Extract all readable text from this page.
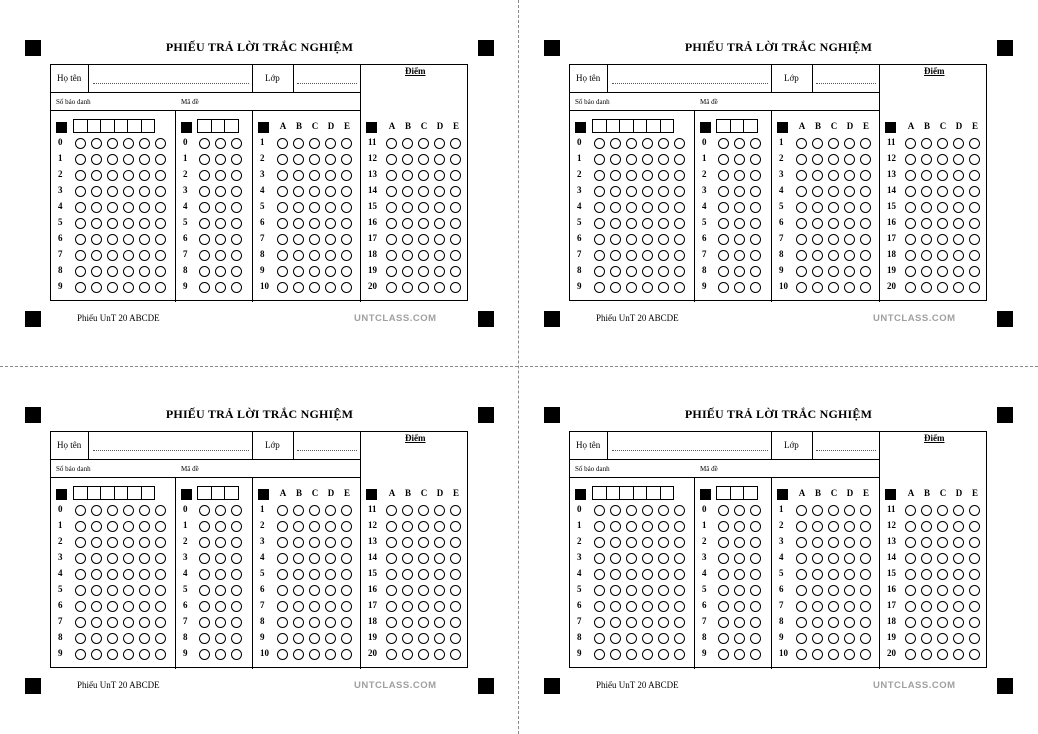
PHIẾU TRẢ LỜI TRẮC NGHIỆM
Họ tên	Lớp
Điểm
Số báo danh	Mã đề
A	B	C	D	E	A	B	C	D	E
0	0	1	11
1	1	2	12
2	2	3	13
3	3	4	14
4	4	5	15
5	5	6	16
6	6	7	17
7	7	8	18
8	8	9	19
9	9	10	20
Phiếu UnT 20 ABCDE	UNTCLASS.COM
PHIẾU TRẢ LỜI TRẮC NGHIỆM
Họ tên	Lớp
Điểm
Số báo danh	Mã đề
A	B	C	D	E	A	B	C	D	E
0	0	1	11
1	1	2	12
2	2	3	13
3	3	4	14
4	4	5	15
5	5	6	16
6	6	7	17
7	7	8	18
8	8	9	19
9	9	10	20
Phiếu UnT 20 ABCDE	UNTCLASS.COM
PHIẾU TRẢ LỜI TRẮC NGHIỆM
Họ tên	Lớp
Điểm
Số báo danh	Mã đề
A	B	C	D	E	A	B	C	D	E
0	0	1	11
1	1	2	12
2	2	3	13
3	3	4	14
4	4	5	15
5	5	6	16
6	6	7	17
7	7	8	18
8	8	9	19
9	9	10	20
Phiếu UnT 20 ABCDE	UNTCLASS.COM
PHIẾU TRẢ LỜI TRẮC NGHIỆM
Họ tên	Lớp
Điểm
Số báo danh	Mã đề
A	B	C	D	E	A	B	C	D	E
0	0	1	11
1	1	2	12
2	2	3	13
3	3	4	14
4	4	5	15
5	5	6	16
6	6	7	17
7	7	8	18
8	8	9	19
9	9	10	20
Phiếu UnT 20 ABCDE	UNTCLASS.COM
